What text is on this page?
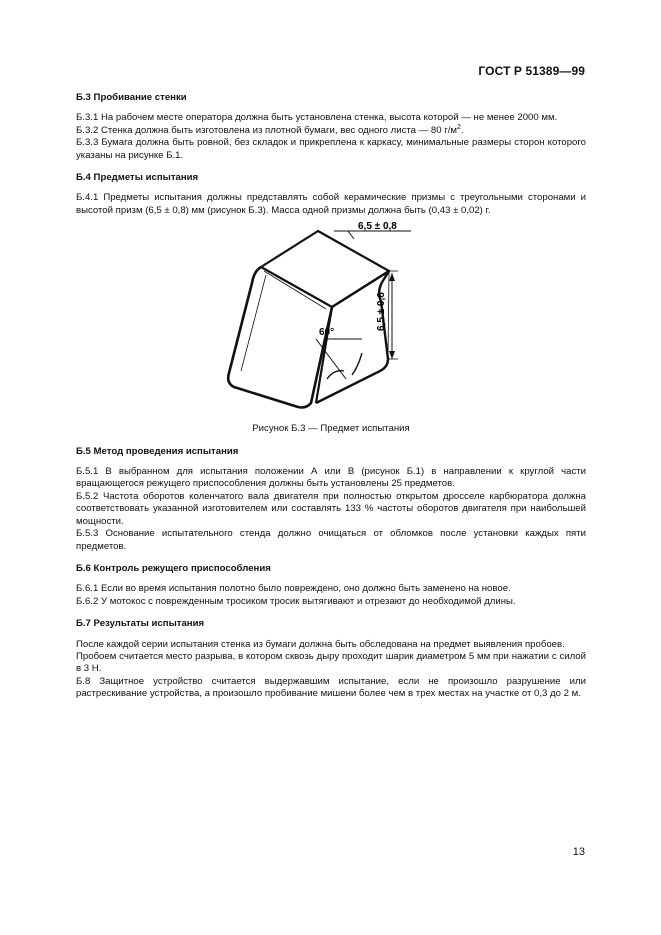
ГОСТ Р 51389—99
Б.3 Пробивание стенки

Б.3.1 На рабочем месте оператора должна быть установлена стенка, высота которой — не менее 2000 мм.

Б.3.2 Стенка должна быть изготовлена из плотной бумаги, вес одного листа — 80 $г/м^2$.

Б.3.3 Бумага должна быть ровной, без складок и прикреплена к каркасу, минимальные размеры сторон которого указаны на рисунке Б.1.

Б.4 Предметы испытания

Б.4.1 Предметы испытания должны представлять собой керамические призмы с треугольными сторонами и высотой призм (6,5 ± 0,8) мм (рисунок Б.3). Масса одной призмы должна быть (0,43 ± 0,02) г.

60°
6,5 ± 0,8
6,5 ± 0,6
Рисунок Б.3 — Предмет испытания
Б.5 Метод проведения испытания

Б.5.1 В выбранном для испытания положении А или В (рисунок Б.1) в направлении к круглой части вращающегося режущего приспособления должны быть установлены 25 предметов.

Б.5.2 Частота оборотов коленчатого вала двигателя при полностью открытом дросселе карбюратора должна соответствовать указанной изготовителем или составлять 133 % частоты оборотов двигателя при наибольшей мощности.

Б.5.3 Основание испытательного стенда должно очищаться от обломков после установки каждых пяти предметов.

Б.6 Контроль режущего приспособления

Б.6.1 Если во время испытания полотно было повреждено, оно должно быть заменено на новое.

Б.6.2 У мотокос с поврежденным тросиком тросик вытягивают и отрезают до необходимой длины.

Б.7 Результаты испытания

После каждой серии испытания стенка из бумаги должна быть обследована на предмет выявления пробоев.

Пробоем считается место разрыва, в котором сквозь дыру проходит шарик диаметром 5 мм при нажатии с силой в 3 Н.

Б.8 Защитное устройство считается выдержавшим испытание, если не произошло разрушение или растрескивание устройства, а произошло пробивание мишени более чем в трех местах на участке от 0,3 до 2 м.

13
